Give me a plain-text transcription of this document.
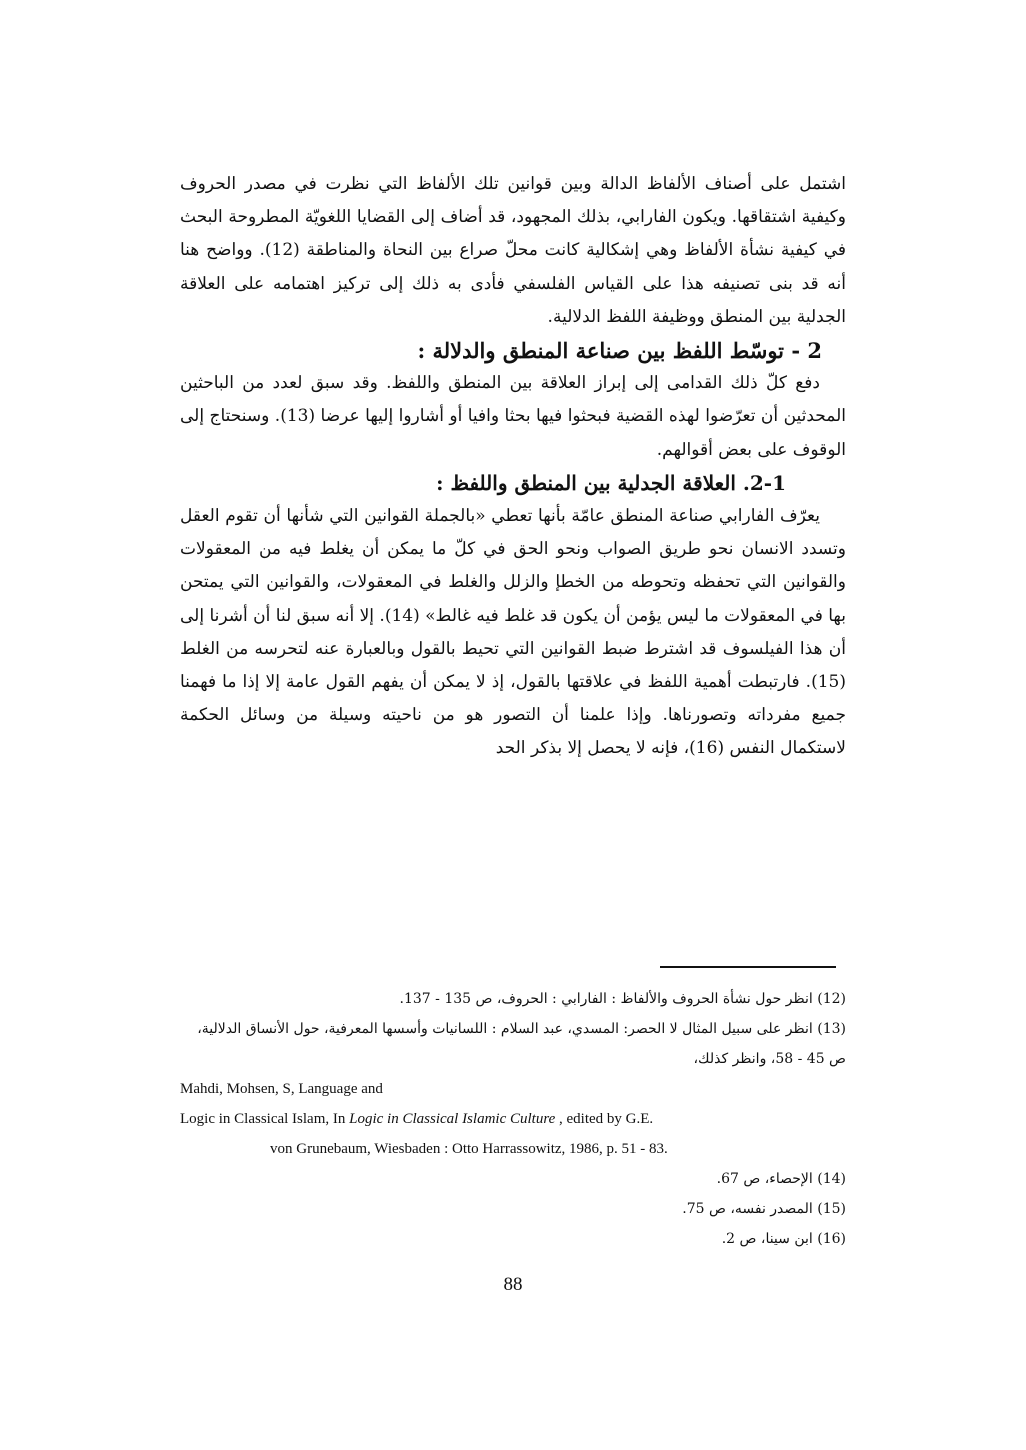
اشتمل على أصناف الألفاظ الدالة وبين قوانين تلك الألفاظ التي نظرت في مصدر الحروف وكيفية اشتقاقها. ويكون الفارابي، بذلك المجهود، قد أضاف إلى القضايا اللغويّة المطروحة البحث في كيفية نشأة الألفاظ وهي إشكالية كانت محلّ صراع بين النحاة والمناطقة (12). وواضح هنا أنه قد بنى تصنيفه هذا على القياس الفلسفي فأدى به ذلك إلى تركيز اهتمامه على العلاقة الجدلية بين المنطق ووظيفة اللفظ الدلالية.

2 - توسّط اللفظ بين صناعة المنطق والدلالة :

دفع كلّ ذلك القدامى إلى إبراز العلاقة بين المنطق واللفظ. وقد سبق لعدد من الباحثين المحدثين أن تعرّضوا لهذه القضية فبحثوا فيها بحثا وافيا أو أشاروا إليها عرضا (13). وسنحتاج إلى الوقوف على بعض أقوالهم.

2-1. العلاقة الجدلية بين المنطق واللفظ :

يعرّف الفارابي صناعة المنطق عامّة بأنها تعطي «بالجملة القوانين التي شأنها أن تقوم العقل وتسدد الانسان نحو طريق الصواب ونحو الحق في كلّ ما يمكن أن يغلط فيه من المعقولات والقوانين التي تحفظه وتحوطه من الخطإ والزلل والغلط في المعقولات، والقوانين التي يمتحن بها في المعقولات ما ليس يؤمن أن يكون قد غلط فيه غالط» (14). إلا أنه سبق لنا أن أشرنا إلى أن هذا الفيلسوف قد اشترط ضبط القوانين التي تحيط بالقول وبالعبارة عنه لتحرسه من الغلط (15). فارتبطت أهمية اللفظ في علاقتها بالقول، إذ لا يمكن أن يفهم القول عامة إلا إذا ما فهمنا جميع مفرداته وتصورناها. وإذا علمنا أن التصور هو من ناحيته وسيلة من وسائل الحكمة لاستكمال النفس (16)، فإنه لا يحصل إلا بذكر الحد

(12) انظر حول نشأة الحروف والألفاظ : الفارابي : الحروف، ص 135 - 137.

(13) انظر على سبيل المثال لا الحصر: المسدي، عبد السلام : اللسانيات وأسسها المعرفية، حول الأنساق الدلالية، ص 45 - 58، وانظر كذلك،

Mahdi, Mohsen, S, Language and

Logic in Classical Islam, In Logic in Classical Islamic Culture , edited by G.E.

von Grunebaum, Wiesbaden : Otto Harrassowitz, 1986, p. 51 - 83.

(14) الإحصاء، ص 67.

(15) المصدر نفسه، ص 75.

(16) ابن سينا، ص 2.

88
